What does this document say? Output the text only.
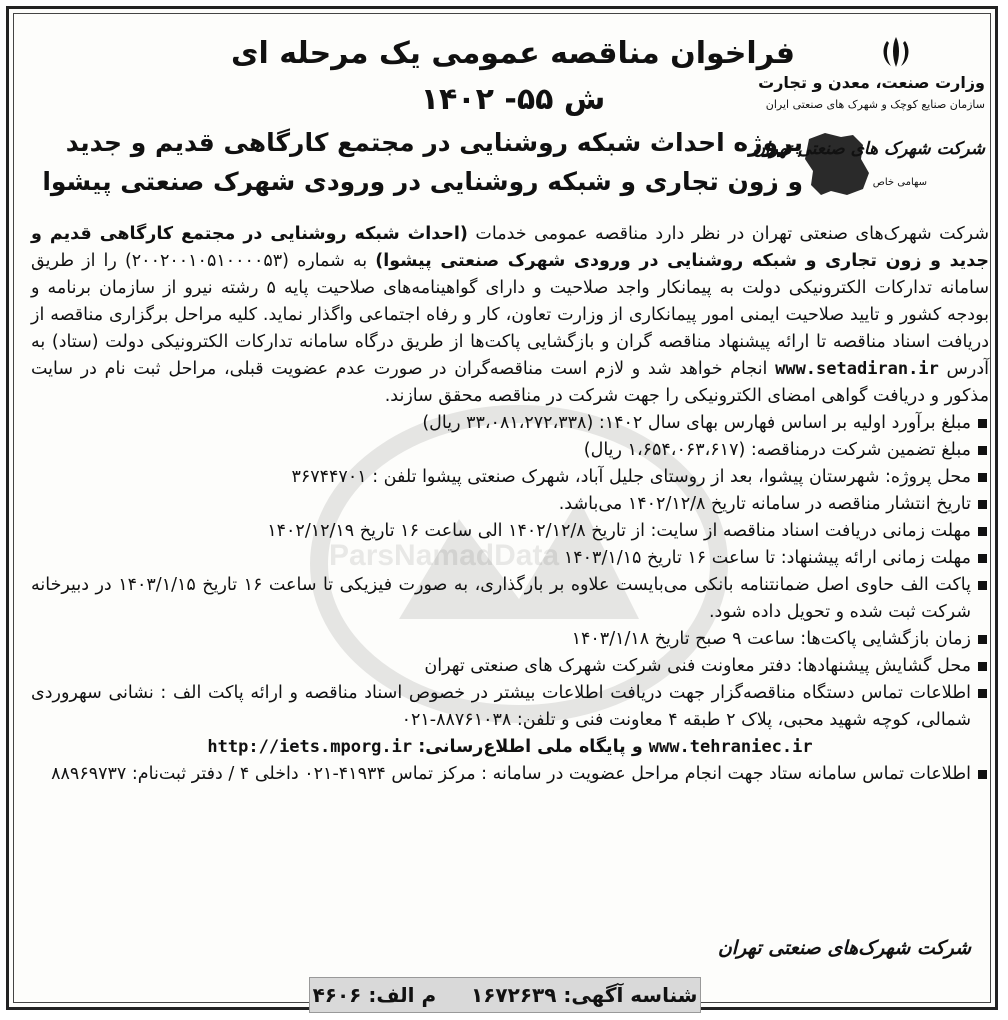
فراخوان مناقصه عمومی یک مرحله ای ش ۵۵- ۱۴۰۲
پروژه احداث شبکه روشنایی در مجتمع کارگاهی قدیم و جدید
و زون تجاری و شبکه روشنایی در ورودی شهرک صنعتی پیشوا
وزارت صنعت، معدن و تجارت
سازمان صنایع کوچک و شهرک های صنعتی ایران
شرکت شهرک های صنعتی تهران
سهامی خاص
ParsNamadData
شرکت شهرک‌های صنعتی تهران در نظر دارد مناقصه عمومی خدمات (احداث شبکه روشنایی در مجتمع کارگاهی قدیم و جدید و زون تجاری و شبکه روشنایی در ورودی شهرک صنعتی پیشوا) به شماره (۲۰۰۲۰۰۱۰۵۱۰۰۰۰۵۳) را از طریق سامانه تدارکات الکترونیکی دولت به پیمانکار واجد صلاحیت و دارای گواهینامه‌های صلاحیت پایه ۵ رشته نیرو از سازمان برنامه و بودجه کشور و تایید صلاحیت ایمنی امور پیمانکاری از وزارت تعاون، کار و رفاه اجتماعی واگذار نماید. کلیه مراحل برگزاری مناقصه از دریافت اسناد مناقصه تا ارائه پیشنهاد مناقصه گران و بازگشایی پاکت‌ها از طریق درگاه سامانه تدارکات الکترونیکی دولت (ستاد) به آدرس www.setadiran.ir انجام خواهد شد و لازم است مناقصه‌گران در صورت عدم عضویت قبلی، مراحل ثبت نام در سایت مذکور و دریافت گواهی امضای الکترونیکی را جهت شرکت در مناقصه محقق سازند.
مبلغ برآورد اولیه بر اساس فهارس بهای سال ۱۴۰۲: (۳۳،۰۸۱،۲۷۲،۳۳۸ ریال)
مبلغ تضمین شرکت درمناقصه: (۱،۶۵۴،۰۶۳،۶۱۷ ریال)
محل پروژه: شهرستان پیشوا، بعد از روستای جلیل آباد، شهرک صنعتی پیشوا تلفن : ۳۶۷۴۴۷۰۱
تاریخ انتشار مناقصه در سامانه تاریخ ۱۴۰۲/۱۲/۸ می‌باشد.
مهلت زمانی دریافت اسناد مناقصه از سایت: از تاریخ ۱۴۰۲/۱۲/۸ الی ساعت ۱۶ تاریخ ۱۴۰۲/۱۲/۱۹
مهلت زمانی ارائه پیشنهاد: تا ساعت ۱۶ تاریخ ۱۴۰۳/۱/۱۵
پاکت الف حاوی اصل ضمانتنامه بانکی می‌بایست علاوه بر بارگذاری، به صورت فیزیکی تا ساعت ۱۶ تاریخ ۱۴۰۳/۱/۱۵ در دبیرخانه شرکت ثبت شده و تحویل داده شود.
زمان بازگشایی پاکت‌ها: ساعت ۹ صبح تاریخ ۱۴۰۳/۱/۱۸
محل گشایش پیشنهادها: دفتر معاونت فنی شرکت شهرک های صنعتی تهران
اطلاعات تماس دستگاه مناقصه‌گزار جهت دریافت اطلاعات بیشتر در خصوص اسناد مناقصه و ارائه پاکت الف : نشانی سهروردی شمالی، کوچه شهید محبی، پلاک ۲ طبقه ۴ معاونت فنی و تلفن: ۸۸۷۶۱۰۳۸-۰۲۱
www.tehraniec.ir و پایگاه ملی اطلاع‌رسانی: http://iets.mporg.ir
اطلاعات تماس سامانه ستاد جهت انجام مراحل عضویت در سامانه : مرکز تماس ۴۱۹۳۴-۰۲۱ داخلی ۴ / دفتر ثبت‌نام: ۸۸۹۶۹۷۳۷
شرکت شهرک‌های صنعتی تهران
شناسه آگهی: ۱۶۷۲۶۳۹     م الف: ۴۶۰۶
